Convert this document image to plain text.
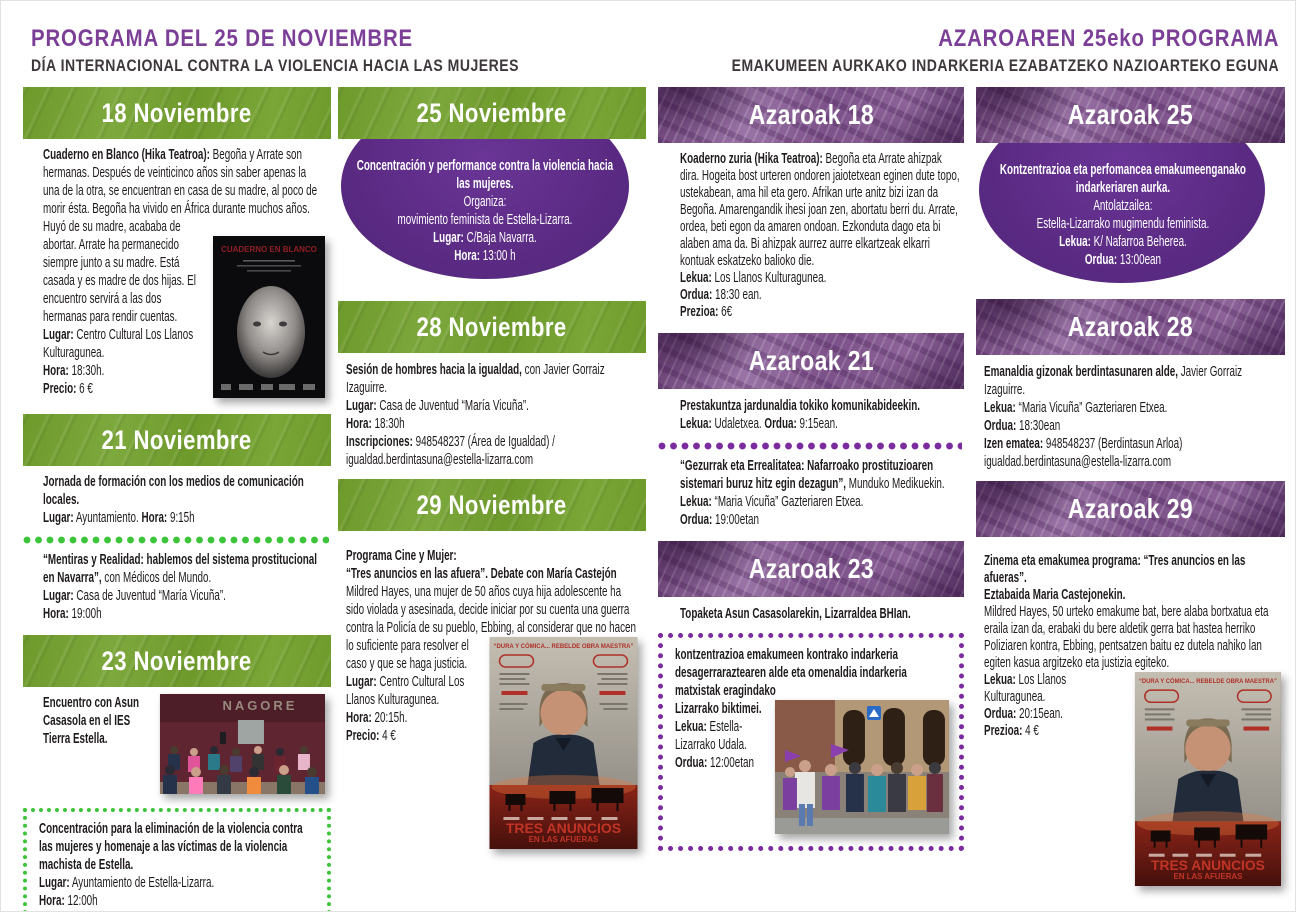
PROGRAMA DEL 25 DE NOVIEMBRE
DÍA INTERNACIONAL CONTRA LA VIOLENCIA HACIA LAS MUJERES
AZAROAREN 25eko PROGRAMA
EMAKUMEEN AURKAKO INDARKERIA EZABATZEKO NAZIOARTEKO EGUNA
18 Noviembre

Cuaderno en Blanco (Hika Teatroa): Begoña y Arrate son hermanas. Después de veinticinco años sin saber apenas la una de la otra, se encuentran en casa de su madre, al poco de morir ésta. Begoña ha vivido en África durante muchos años. Huyó de su madre, acababa de

CUADERNO EN BLANCO
abortar. Arrate ha permanecido siempre junto a su madre. Está casada y es madre de dos hijas. El encuentro servirá a las dos hermanas para rendir cuentas.
Lugar: Centro Cultural Los Llanos Kulturagunea.
Hora: 18:30h.
Precio: 6 €
21 Noviembre

Jornada de formación con los medios de comunicación locales.

Lugar: Ayuntamiento. Hora: 9:15h

“Mentiras y Realidad: hablemos del sistema prostitucional en Navarra”, con Médicos del Mundo.

Lugar: Casa de Juventud “María Vicuña”.
Hora: 19:00h
23 Noviembre
NAGORE

Encuentro con Asun Casasola en el IES Tierra Estella.

Concentración para la eliminación de la violencia contra las mujeres y homenaje a las víctimas de la violencia machista de Estella.

Lugar: Ayuntamiento de Estella-Lizarra.
Hora: 12:00h
25 Noviembre
Concentración y performance contra la violencia hacia las mujeres.
Organiza:
movimiento feminista de Estella-Lizarra.
Lugar: C/Baja Navarra.
Hora: 13:00 h
28 Noviembre

Sesión de hombres hacia la igualdad, con Javier Gorraiz Izaguirre.

Lugar: Casa de Juventud “María Vicuña”.
Hora: 18:30h
Inscripciones: 948548237 (Área de Igualdad) / igualdad.berdintasuna@estella-lizarra.com
29 Noviembre

Programa Cine y Mujer:

“Tres anuncios en las afuera”. Debate con María Castejón

Mildred Hayes, una mujer de 50 años cuya hija adolescente ha sido violada y asesinada, decide iniciar por su cuenta una guerra contra la Policía de su pueblo, Ebbing, al considerar que no hacen

“DURA Y CÓMICA... REBELDE OBRA MAESTRA”
TRES ANUNCIOS
EN LAS AFUERAS
lo suficiente para resolver el caso y que se haga justicia.
Lugar: Centro Cultural Los Llanos Kulturagunea.
Hora: 20:15h.
Precio: 4 €
Azaroak 18

Koaderno zuria (Hika Teatroa): Begoña eta Arrate ahizpak dira. Hogeita bost urteren ondoren jaiotetxean eginen dute topo, ustekabean, ama hil eta gero. Afrikan urte anitz bizi izan da Begoña. Amarengandik ihesi joan zen, abortatu berri du. Arrate, ordea, beti egon da amaren ondoan. Ezkonduta dago eta bi alaben ama da. Bi ahizpak aurrez aurre elkartzeak elkarri kontuak eskatzeko balioko die.

Lekua: Los Llanos Kulturagunea.
Ordua: 18:30 ean.
Prezioa: 6€
Azaroak 21

Prestakuntza jardunaldia tokiko komunikabideekin.

Lekua: Udaletxea. Ordua: 9:15ean.

“Gezurrak eta Errealitatea: Nafarroako prostituzioaren sistemari buruz hitz egin dezagun”, Munduko Medikuekin.

Lekua: “Maria Vicuña” Gazteriaren Etxea.
Ordua: 19:00etan
Azaroak 23

Topaketa Asun Casasolarekin, Lizarraldea BHIan.

kontzentrazioa emakumeen kontrako indarkeria desagerraraztearen alde eta omenaldia indarkeria matxistak eragindako

Lizarrako biktimei.
Lekua: Estella-Lizarrako Udala.
Ordua: 12:00etan
Azaroak 25
Kontzentrazioa eta perfomancea emakumeenganako indarkeriaren aurka.
Antolatzailea:
Estella-Lizarrako mugimendu feminista.
Lekua: K/ Nafarroa Beherea.
Ordua: 13:00ean
Azaroak 28

Emanaldia gizonak berdintasunaren alde, Javier Gorraiz Izaguirre.

Lekua: “Maria Vicuña” Gazteriaren Etxea.
Ordua: 18:30ean
Izen ematea: 948548237 (Berdintasun Arloa)
igualdad.berdintasuna@estella-lizarra.com
Azaroak 29

Zinema eta emakumea programa: “Tres anuncios en las afueras”.

Eztabaida Maria Castejonekin.

Mildred Hayes, 50 urteko emakume bat, bere alaba bortxatua eta eraila izan da, erabaki du bere aldetik gerra bat hastea herriko Poliziaren kontra, Ebbing, pentsatzen baitu ez dutela nahiko lan egiten kasua argitzeko eta justizia egiteko.

“DURA Y CÓMICA... REBELDE OBRA MAESTRA”
TRES ANUNCIOS
EN LAS AFUERAS
Lekua: Los Llanos Kulturagunea.
Ordua: 20:15ean.
Prezioa: 4 €
